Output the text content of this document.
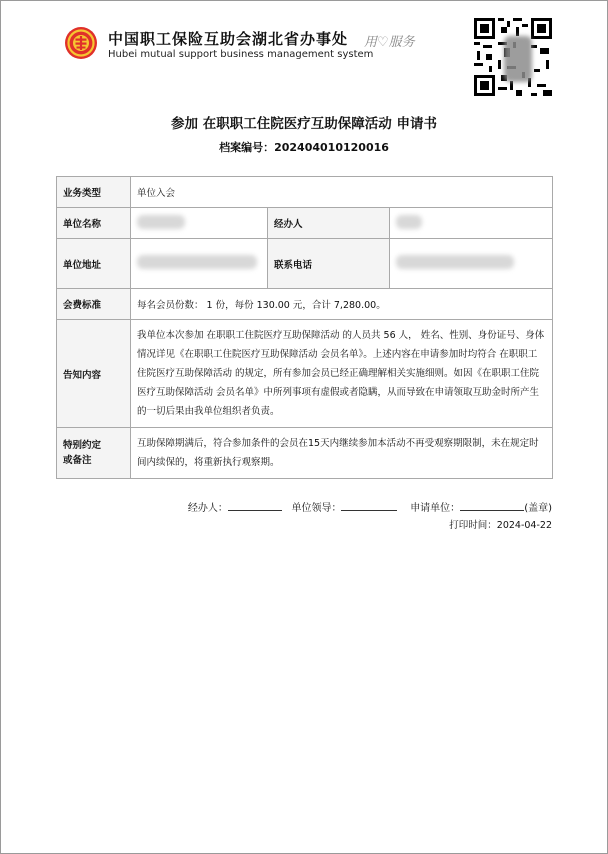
中国职工保险互助会湖北省办事处
Hubei mutual support business management system
用♡服务
参加 在职职工住院医疗互助保障活动 申请书
档案编号：202404010120016
业务类型	单位入会		
单位名称		经办人	
单位地址		联系电话	
会费标准	每名会员份数： 1 份，每份 130.00 元，合计 7,280.00。		
告知内容	我单位本次参加 在职职工住院医疗互助保障活动 的人员共 56 人， 姓名、性别、身份证号、身体情况详见《在职职工住院医疗互助保障活动 会员名单》。上述内容在申请参加时均符合 在职职工住院医疗互助保障活动 的规定，所有参加会员已经正确理解相关实施细则。如因《在职职工住院医疗互助保障活动 会员名单》中所列事项有虚假或者隐瞒，从而导致在申请领取互助金时所产生的一切后果由我单位组织者负责。		
特别约定
或备注	互助保障期满后，符合参加条件的会员在15天内继续参加本活动不再受观察期限制，未在规定时间内续保的，将重新执行观察期。		
经办人：	单位领导：	申请单位：	(盖章)
打印时间：2024-04-22
